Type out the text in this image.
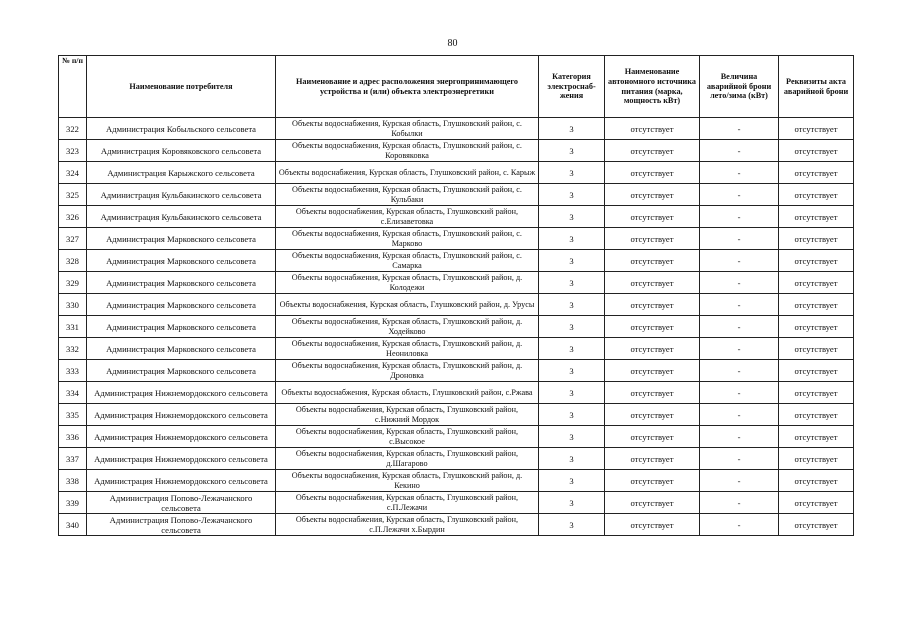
80
№ п/п	Наименование потребителя	Наименование и адрес расположения энергопринимающего устройства и (или) объекта электроэнергетики	Категория электроснаб-жения	Наименование автономного источника питания (марка, мощность кВт)	Величина аварийной брони лето/зима (кВт)	Реквизиты акта аварийной брони
322	Администрация Кобыльского сельсовета	Объекты водоснабжения, Курская область, Глушковский район, с. Кобылки	3	отсутствует	-	отсутствует
323	Администрация Коровяковского сельсовета	Объекты водоснабжения, Курская область, Глушковский район, с. Коровяковка	3	отсутствует	-	отсутствует
324	Администрация Карыжского сельсовета	Объекты водоснабжения, Курская область, Глушковский район, с. Карыж	3	отсутствует	-	отсутствует
325	Администрация Кульбакинского сельсовета	Объекты водоснабжения, Курская область, Глушковский район, с. Кульбаки	3	отсутствует	-	отсутствует
326	Администрация Кульбакинского сельсовета	Объекты водоснабжения, Курская область, Глушковский район, с.Елизаветовка	3	отсутствует	-	отсутствует
327	Администрация Марковского сельсовета	Объекты водоснабжения, Курская область, Глушковский район, с. Марково	3	отсутствует	-	отсутствует
328	Администрация Марковского сельсовета	Объекты водоснабжения, Курская область, Глушковский район, с. Самарка	3	отсутствует	-	отсутствует
329	Администрация Марковского сельсовета	Объекты водоснабжения, Курская область, Глушковский район, д. Колодежи	3	отсутствует	-	отсутствует
330	Администрация Марковского сельсовета	Объекты водоснабжения, Курская область, Глушковский район, д. Урусы	3	отсутствует	-	отсутствует
331	Администрация Марковского сельсовета	Объекты водоснабжения, Курская область, Глушковский район, д. Ходейково	3	отсутствует	-	отсутствует
332	Администрация Марковского сельсовета	Объекты водоснабжения, Курская область, Глушковский район, д. Неониловка	3	отсутствует	-	отсутствует
333	Администрация Марковского сельсовета	Объекты водоснабжения, Курская область, Глушковский район, д. Дроновка	3	отсутствует	-	отсутствует
334	Администрация Нижнемордокского сельсовета	Объекты водоснабжения, Курская область, Глушковский район, с.Ржава	3	отсутствует	-	отсутствует
335	Администрация Нижнемордокского сельсовета	Объекты водоснабжения, Курская область, Глушковский район, с.Нижний Мордок	3	отсутствует	-	отсутствует
336	Администрация Нижнемордокского сельсовета	Объекты водоснабжения, Курская область, Глушковский район, с.Высокое	3	отсутствует	-	отсутствует
337	Администрация Нижнемордокского сельсовета	Объекты водоснабжения, Курская область, Глушковский район, д.Шагарово	3	отсутствует	-	отсутствует
338	Администрация Нижнемордокского сельсовета	Объекты водоснабжения, Курская область, Глушковский район, д. Кекино	3	отсутствует	-	отсутствует
339	Администрация Попово-Лежачанского сельсовета	Объекты водоснабжения, Курская область, Глушковский район, с.П.Лежачи	3	отсутствует	-	отсутствует
340	Администрация Попово-Лежачанского сельсовета	Объекты водоснабжения, Курская область, Глушковский район, с.П.Лежачи х.Бырдин	3	отсутствует	-	отсутствует
